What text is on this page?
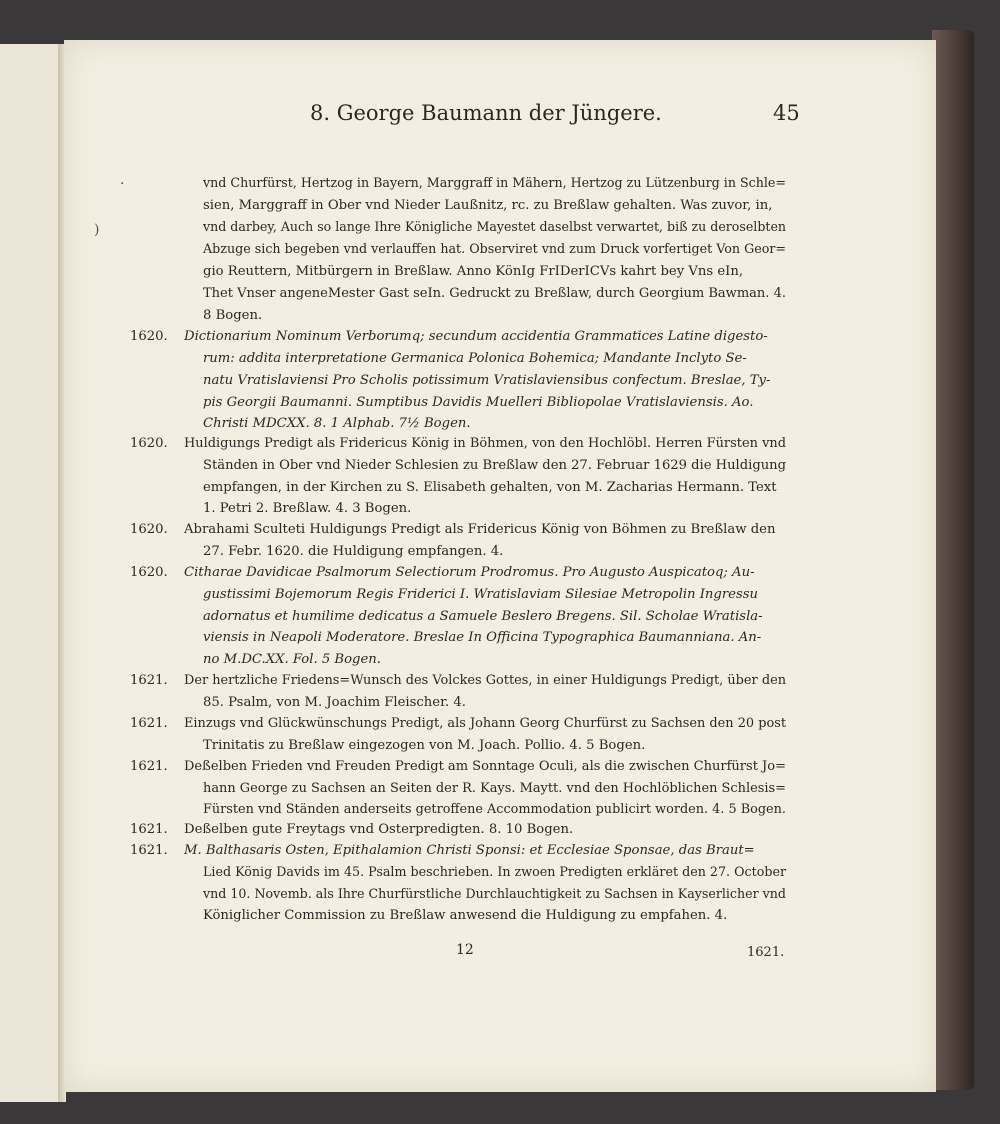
8. George Baumann der Jüngere.	45
·
)
vnd Churfürst, Hertzog in Bayern, Marggraff in Mähern, Hertzog zu Lützenburg in Schle=
sien, Marggraff in Ober vnd Nieder Laußnitz, rc. zu Breßlaw gehalten. Was zuvor, in,
vnd darbey, Auch so lange Ihre Königliche Mayestet daselbst verwartet, biß zu deroselbten
Abzuge sich begeben vnd verlauffen hat. Observiret vnd zum Druck vorfertiget Von Geor=
gio Reuttern, Mitbürgern in Breßlaw. Anno KönIg FrIDerICVs kahrt bey Vns eIn,
Thet Vnser angeneMester Gast seIn. Gedruckt zu Breßlaw, durch Georgium Bawman. 4.
8 Bogen.
1620. Dictionarium Nominum Verborumq; secundum accidentia Grammatices Latine digesto-
rum: addita interpretatione Germanica Polonica Bohemica; Mandante Inclyto Se-
natu Vratislaviensi Pro Scholis potissimum Vratislaviensibus confectum. Breslae, Ty-
pis Georgii Baumanni. Sumptibus Davidis Muelleri Bibliopolae Vratislaviensis. Ao.
Christi MDCXX. 8. 1 Alphab. 7½ Bogen.
1620. Huldigungs Predigt als Fridericus König in Böhmen, von den Hochlöbl. Herren Fürsten vnd
Ständen in Ober vnd Nieder Schlesien zu Breßlaw den 27. Februar 1629 die Huldigung
empfangen, in der Kirchen zu S. Elisabeth gehalten, von M. Zacharias Hermann. Text
1. Petri 2. Breßlaw. 4. 3 Bogen.
1620. Abrahami Sculteti Huldigungs Predigt als Fridericus König von Böhmen zu Breßlaw den
27. Febr. 1620. die Huldigung empfangen. 4.
1620. Citharae Davidicae Psalmorum Selectiorum Prodromus. Pro Augusto Auspicatoq; Au-
gustissimi Bojemorum Regis Friderici I. Wratislaviam Silesiae Metropolin Ingressu
adornatus et humilime dedicatus a Samuele Beslero Bregens. Sil. Scholae Wratisla-
viensis in Neapoli Moderatore. Breslae In Officina Typographica Baumanniana. An-
no M.DC.XX. Fol. 5 Bogen.
1621. Der hertzliche Friedens=Wunsch des Volckes Gottes, in einer Huldigungs Predigt, über den
85. Psalm, von M. Joachim Fleischer. 4.
1621. Einzugs vnd Glückwünschungs Predigt, als Johann Georg Churfürst zu Sachsen den 20 post
Trinitatis zu Breßlaw eingezogen von M. Joach. Pollio. 4. 5 Bogen.
1621. Deßelben Frieden vnd Freuden Predigt am Sonntage Oculi, als die zwischen Churfürst Jo=
hann George zu Sachsen an Seiten der R. Kays. Maytt. vnd den Hochlöblichen Schlesis=
Fürsten vnd Ständen anderseits getroffene Accommodation publicirt worden. 4. 5 Bogen.
1621. Deßelben gute Freytags vnd Osterpredigten. 8. 10 Bogen.
1621. M. Balthasaris Osten, Epithalamion Christi Sponsi: et Ecclesiae Sponsae, das Braut=
Lied König Davids im 45. Psalm beschrieben. In zwoen Predigten erkläret den 27. October
vnd 10. Novemb. als Ihre Churfürstliche Durchlauchtigkeit zu Sachsen in Kayserlicher vnd
Königlicher Commission zu Breßlaw anwesend die Huldigung zu empfahen. 4.
12	1621.
